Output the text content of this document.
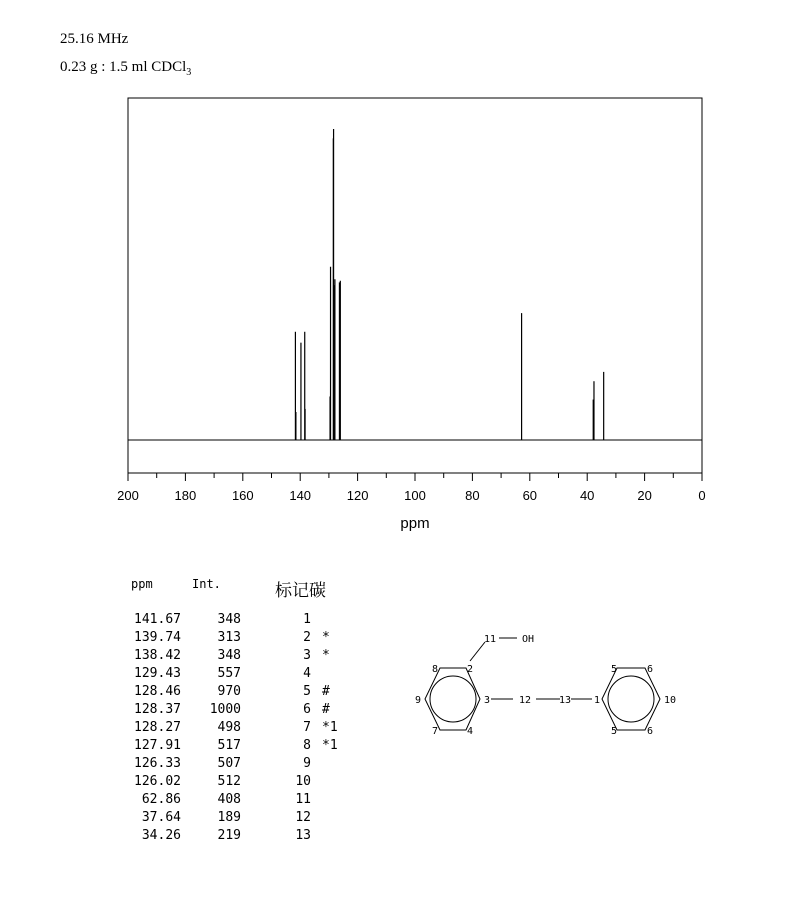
25.16 MHz
0.23 g : 1.5 ml CDCl$_3$
200	180	160	140	120	100	80	60	40	20	0
ppm
ppm	Int.	标记碳
141.67	348	1
139.74	313	2 *
138.42	348	3 *
129.43	557	4
128.46	970	5 #
128.37 1000	6 #
128.27	498	7 *1
127.91	517	8 *1
126.33	507	9
126.02	512	10
62.86	408	11
37.64	189	12
34.26	219	13
11	OH
8	2
9	3
7	4
12	13 1
5	6
10
5	6
